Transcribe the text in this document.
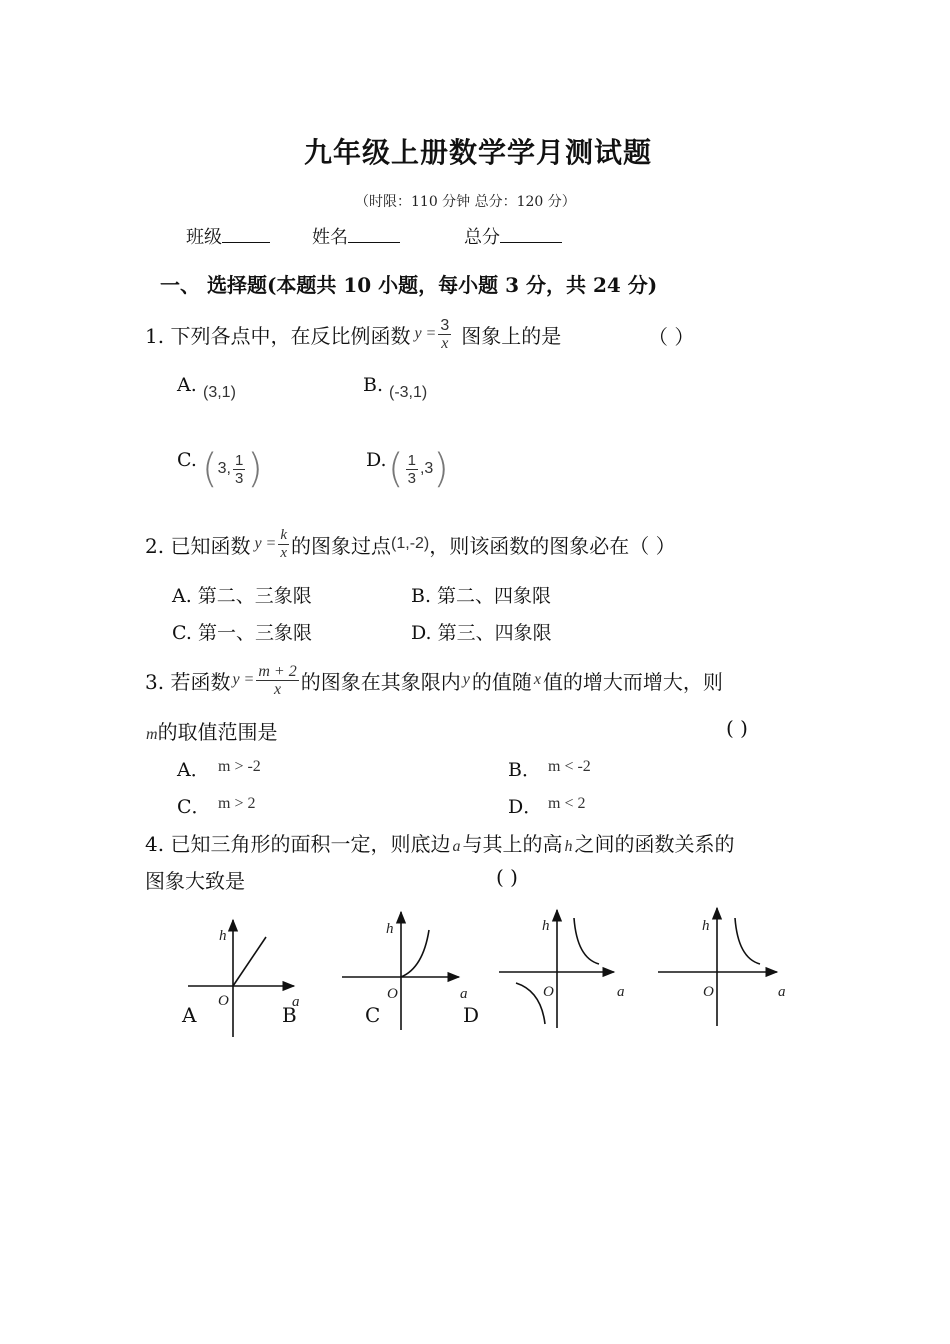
九年级上册数学学月测试题
（时限：110 分钟 总分：120 分）
班级	姓名	总分
一、 选择题(本题共 10 小题，每小题 3 分，共 24 分)
1. 下列各点中，在反比例函数 $y = \frac{3}{x}$ 图象上的是	（ ）
A. (3,1)	B. (-3,1)
C. ( 3, $\frac{1}{3}$ )	D. ( $\frac{1}{3} ,3$ )
2. 已知函数 $y = \frac{k}{x}$ 的图象过点 (1,-2) ，则该函数的图象必在（ ）
A. 第二、三象限	B. 第二、四象限
C. 第一、三象限	D. 第三、四象限
3. 若函数 $y = \frac{m + 2}{x}$ 的图象在其象限内 y 的值随 x 值的增大而增大，则
m的取值范围是	( )
A． m > -2	B． m < -2
C． m > 2	D． m < 2
4. 已知三角形的面积一定，则底边 a 与其上的高 h 之间的函数关系的
图象大致是	( )
h
O	a
h
O	a
h
O	a
h
O	a
A	B	C	D
